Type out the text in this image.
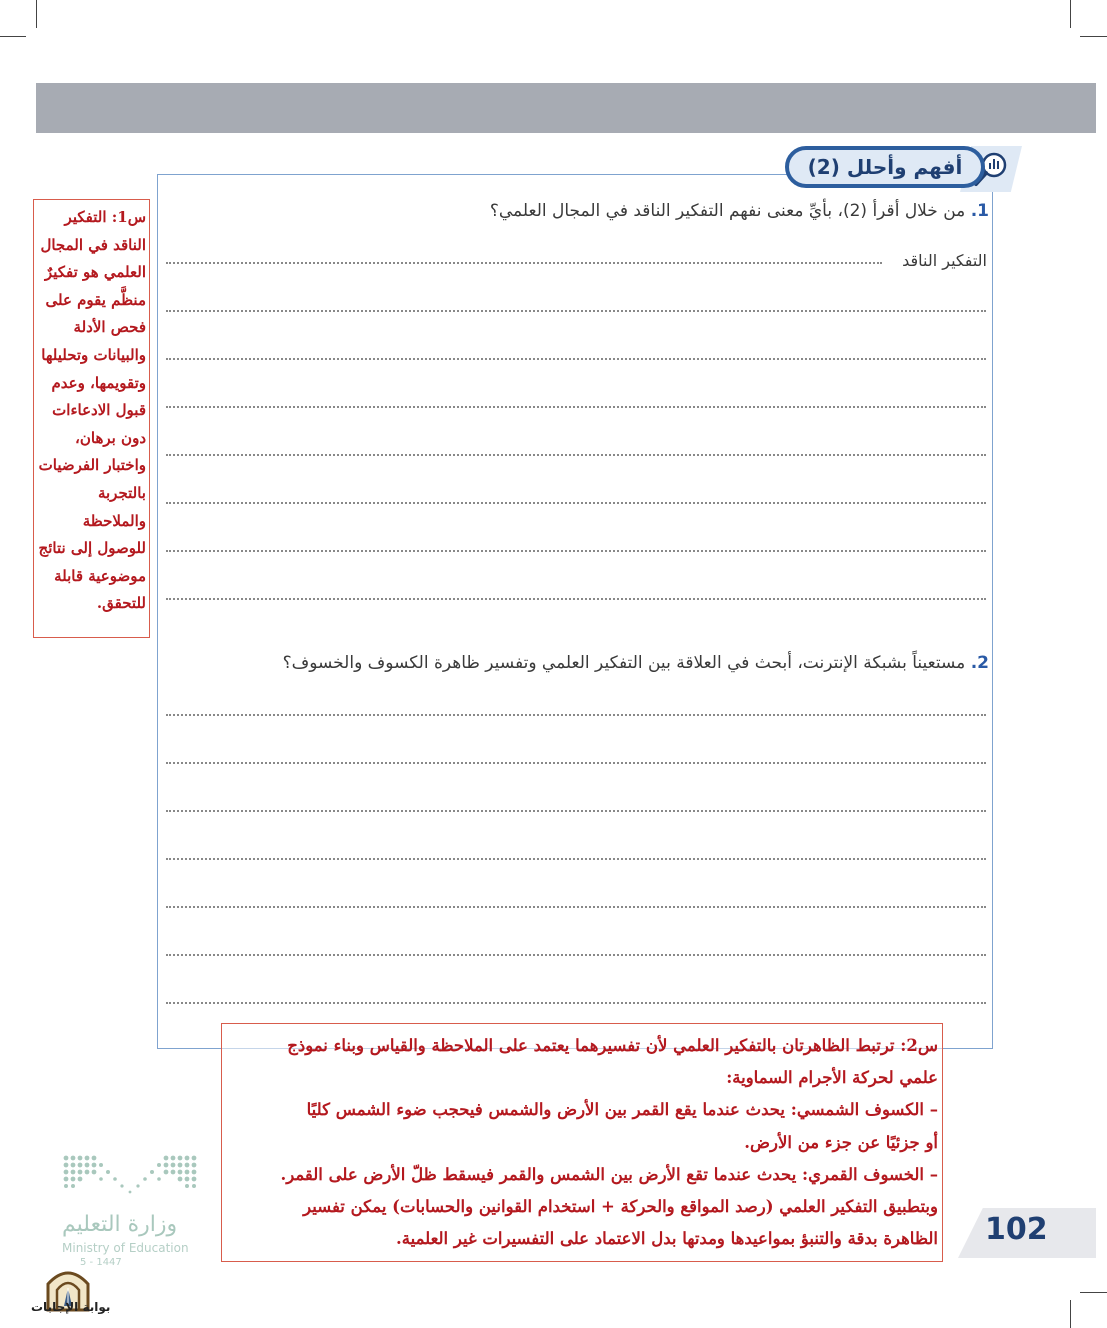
أفهم وأحلل (2)
1. من خلال أقرأ (2)، بأيِّ معنى نفهم التفكير الناقد في المجال العلمي؟
التفكير الناقد
2. مستعيناً بشبكة الإنترنت، أبحث في العلاقة بين التفكير العلمي وتفسير ظاهرة الكسوف والخسوف؟
س1: التفكير
الناقد في المجال
العلمي هو تفكيرٌ
منظَّم يقوم على
فحص الأدلة
والبيانات وتحليلها
وتقويمها، وعدم
قبول الادعاءات
دون برهان،
واختبار الفرضيات
بالتجربة
والملاحظة
للوصول إلى نتائج
موضوعية قابلة
للتحقق.
س2: ترتبط الظاهرتان بالتفكير العلمي لأن تفسيرهما يعتمد على الملاحظة والقياس وبناء نموذج
علمي لحركة الأجرام السماوية:
– الكسوف الشمسي: يحدث عندما يقع القمر بين الأرض والشمس فيحجب ضوء الشمس كليًا
أو جزئيًا عن جزء من الأرض.
– الخسوف القمري: يحدث عندما تقع الأرض بين الشمس والقمر فيسقط ظلّ الأرض على القمر.
وبتطبيق التفكير العلمي (رصد المواقع والحركة + استخدام القوانين والحسابات) يمكن تفسير
الظاهرة بدقة والتنبؤ بمواعيدها ومدتها بدل الاعتماد على التفسيرات غير العلمية. 102
وزارة التعليم
Ministry of Education
5 - 1447
بوابة الإجابات
